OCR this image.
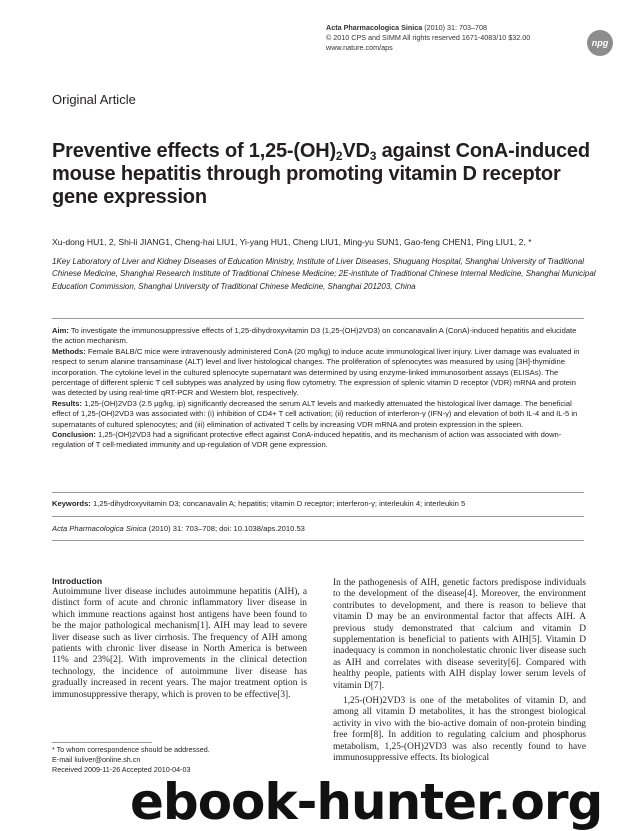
Acta Pharmacologica Sinica (2010) 31: 703–708
© 2010 CPS and SIMM All rights reserved 1671-4083/10 $32.00
www.nature.com/aps	npg
Original Article
Preventive effects of $1,25-(OH)_2VD_3$ against ConA-induced mouse hepatitis through promoting vitamin D receptor gene expression
Xu-dong HU1, 2, Shi-li JIANG1, Cheng-hai LIU1, Yi-yang HU1, Cheng LIU1, Ming-yu SUN1, Gao-feng CHEN1, Ping LIU1, 2, *
1Key Laboratory of Liver and Kidney Diseases of Education Ministry, Institute of Liver Diseases, Shuguang Hospital, Shanghai University of Traditional Chinese Medicine, Shanghai Research Institute of Traditional Chinese Medicine; 2E-institute of Traditional Chinese Internal Medicine, Shanghai Municipal Education Commission, Shanghai University of Traditional Chinese Medicine, Shanghai 201203, China

Aim: To investigate the immunosuppressive effects of 1,25-dihydroxyvitamin D3 (1,25-(OH)2VD3) on concanavalin A (ConA)-induced hepatitis and elucidate the action mechanism.

Methods: Female BALB/C mice were intravenously administered ConA (20 mg/kg) to induce acute immunological liver injury. Liver damage was evaluated in respect to serum alanine transaminase (ALT) level and liver histological changes. The proliferation of splenocytes was measured by using [3H]-thymidine incorporation. The cytokine level in the cultured splenocyte supernatant was determined by using enzyme-linked immunosorbent assays (ELISAs). The percentage of different splenic T cell subtypes was analyzed by using flow cytometry. The expression of splenic vitamin D receptor (VDR) mRNA and protein was detected by using real-time qRT-PCR and Western blot, respectively.

Results: 1,25-(OH)2VD3 (2.5 μg/kg, ip) significantly decreased the serum ALT levels and markedly attenuated the histological liver damage. The beneficial effect of 1,25-(OH)2VD3 was associated with: (i) inhibition of CD4+ T cell activation; (ii) reduction of interferon-γ (IFN-γ) and elevation of both IL-4 and IL-5 in supernatants of cultured splenocytes; and (iii) elimination of activated T cells by increasing VDR mRNA and protein expression in the spleen.

Conclusion: 1,25-(OH)2VD3 had a significant protective effect against ConA-induced hepatitis, and its mechanism of action was associated with down-regulation of T cell-mediated immunity and up-regulation of VDR gene expression.

Keywords: 1,25-dihydroxyvitamin D3; concanavalin A; hepatitis; vitamin D receptor; interferon-γ; interleukin 4; interleukin 5
Acta Pharmacologica Sinica (2010) 31: 703–708; doi: 10.1038/aps.2010.53
Introduction

Autoimmune liver disease includes autoimmune hepatitis (AIH), a distinct form of acute and chronic inflammatory liver disease in which immune reactions against host antigens have been found to be the major pathological mechanism[1]. AIH may lead to severe liver disease such as liver cirrhosis. The frequency of AIH among patients with chronic liver disease in North America is between 11% and 23%[2]. With improvements in the clinical detection technology, the incidence of autoimmune liver disease has gradually increased in recent years. The major treatment option is immunosuppressive therapy, which is proven to be effective[3].

In the pathogenesis of AIH, genetic factors predispose individuals to the development of the disease[4]. Moreover, the environment contributes to development, and there is reason to believe that vitamin D may be an environmental factor that affects AIH. A previous study demonstrated that calcium and vitamin D supplementation is beneficial to patients with AIH[5]. Vitamin D inadequacy is common in noncholestatic chronic liver disease such as AIH and correlates with disease severity[6]. Compared with healthy people, patients with AIH display lower serum levels of vitamin D[7].

1,25-(OH)2VD3 is one of the metabolites of vitamin D, and among all vitamin D metabolites, it has the strongest biological activity in vivo with the bio-active domain of non-protein binding free form[8]. In addition to regulating calcium and phosphorus metabolism, 1,25-(OH)2VD3 was also recently found to have immunosuppressive effects. Its biological

* To whom correspondence should be addressed.
E-mail liuliver@online.sh.cn
Received 2009-11-26 Accepted 2010-04-03
ebook-hunter.org
